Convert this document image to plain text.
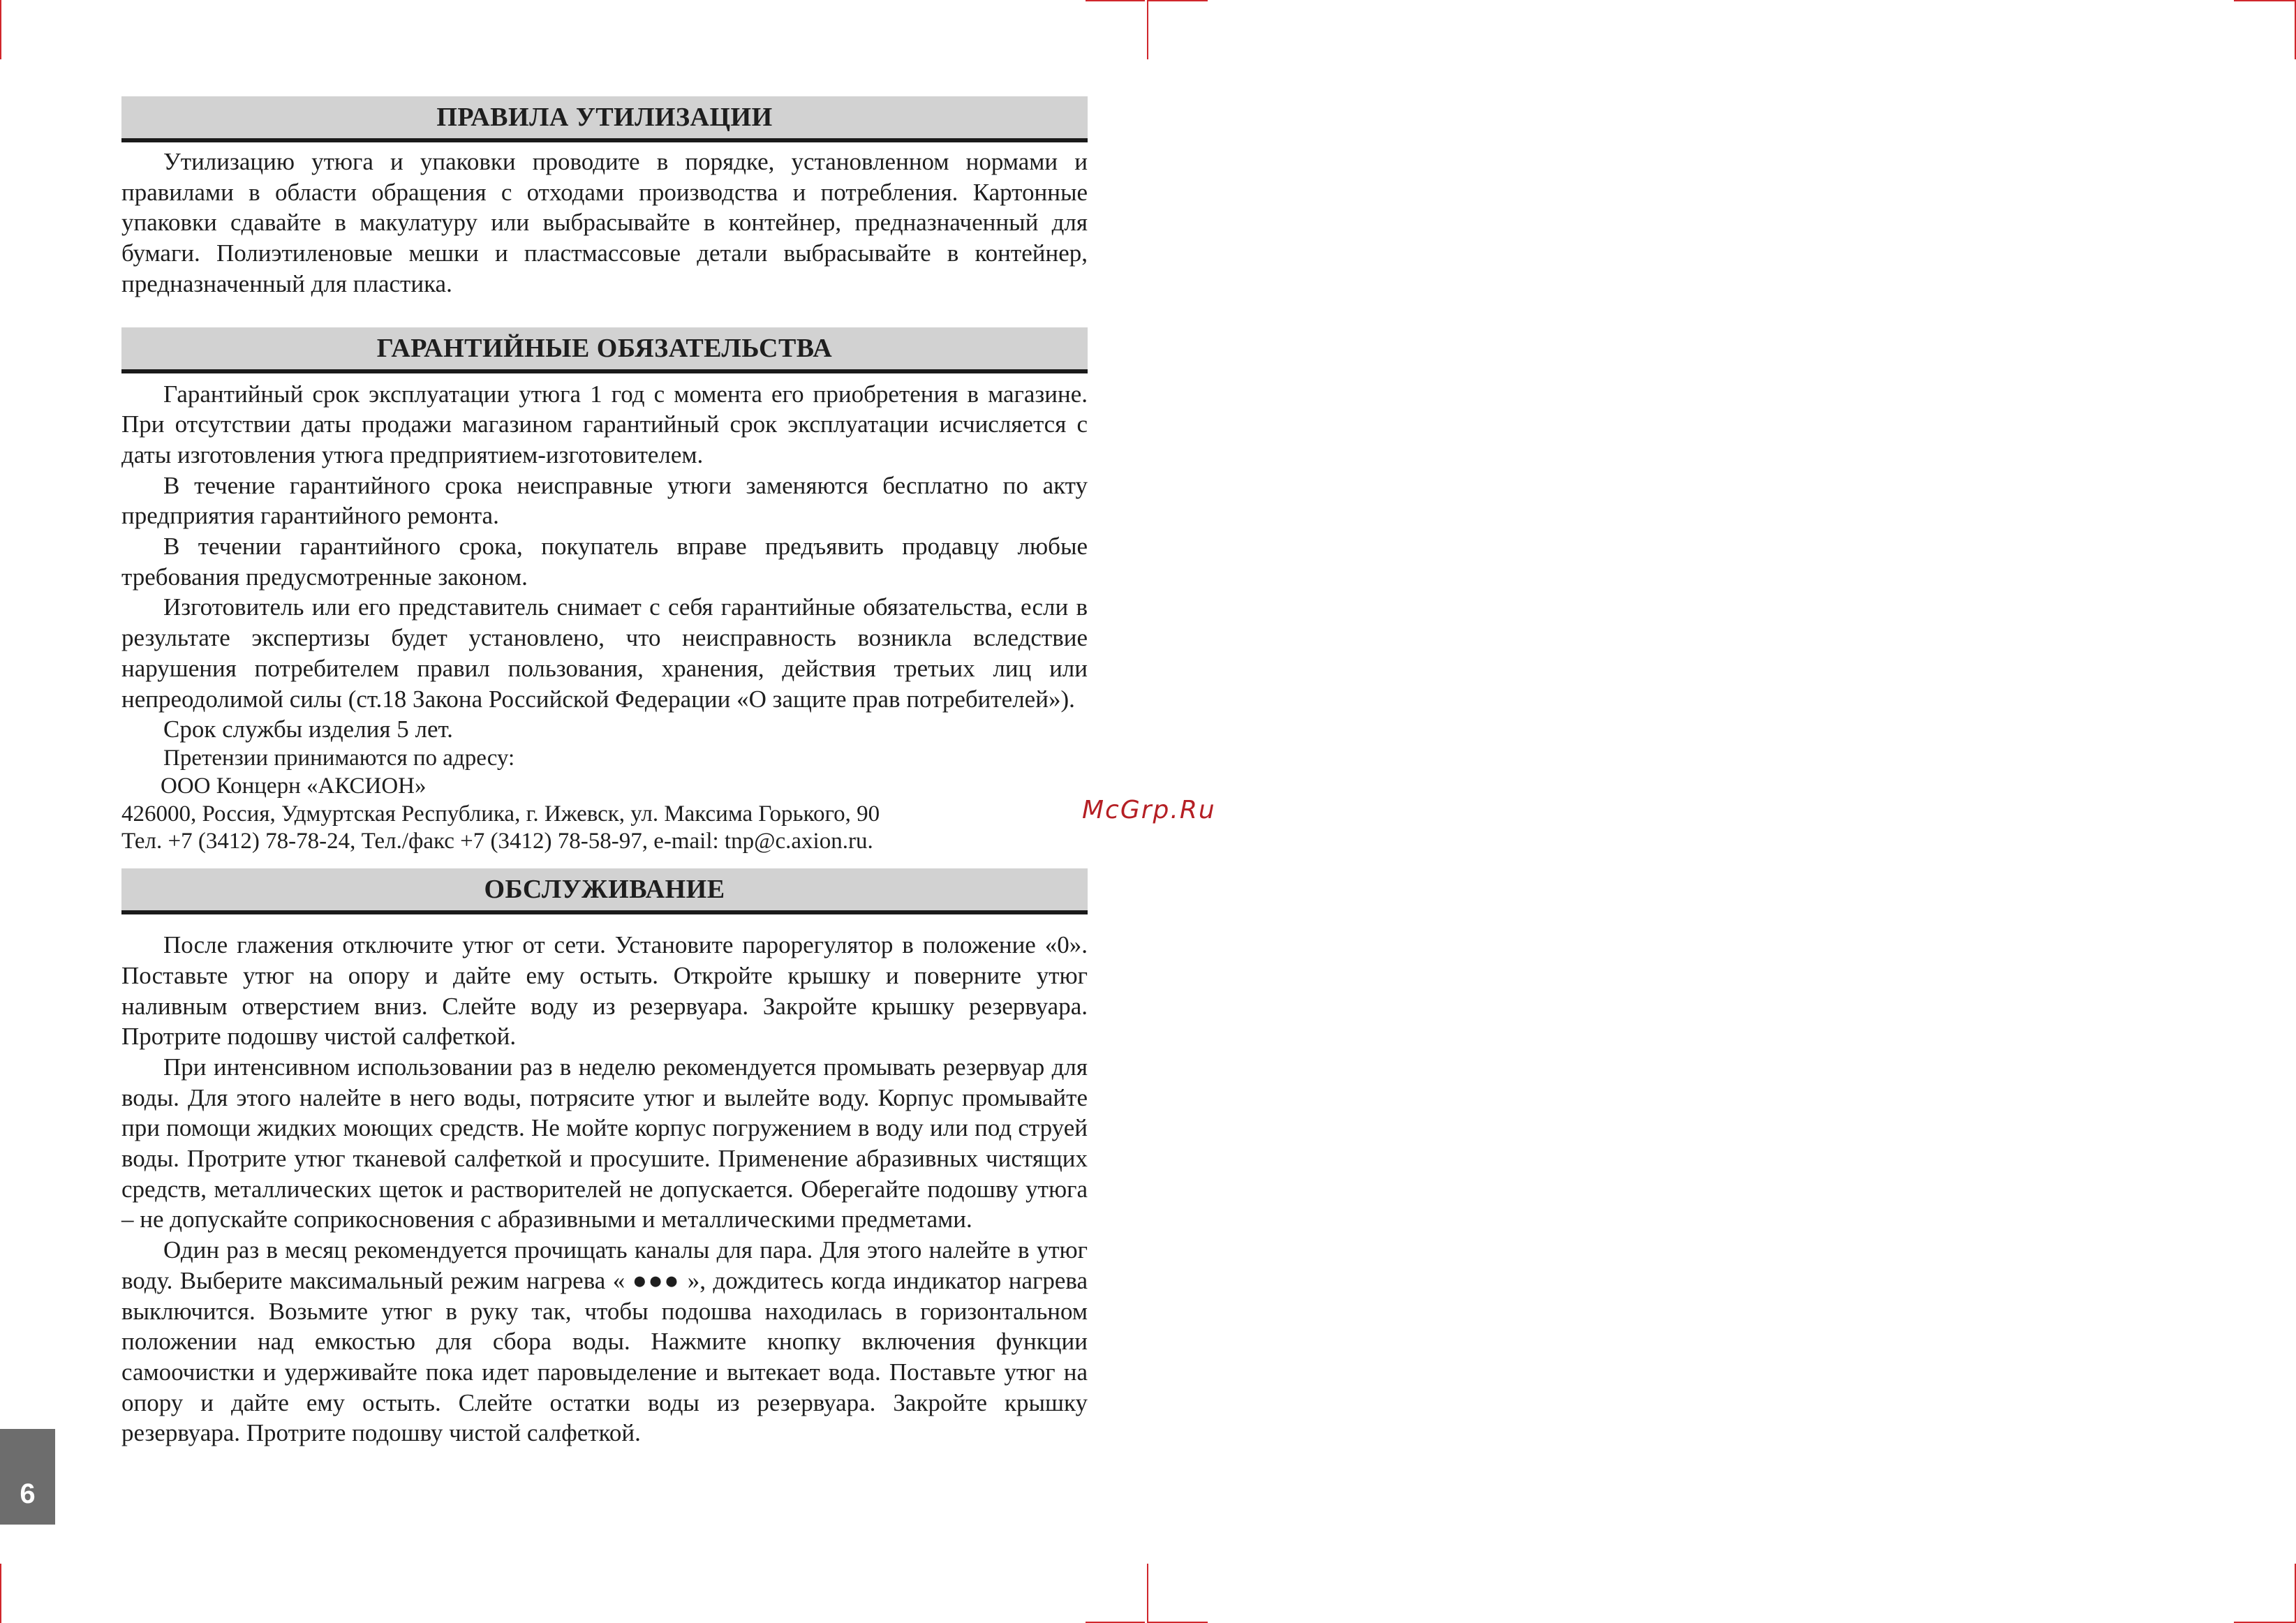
ПРАВИЛА УТИЛИЗАЦИИ

Утилизацию утюга и упаковки проводите в порядке, установленном нормами и правилами в области обращения с отходами производства и потребления. Картонные упаковки сдавайте в макулатуру или выбрасывайте в контейнер, предназначенный для бумаги. Полиэтиленовые мешки и пластмассовые детали выбрасывайте в контейнер, предназначенный для пластика.

ГАРАНТИЙНЫЕ ОБЯЗАТЕЛЬСТВА

Гарантийный срок эксплуатации утюга 1 год с момента его приобретения в магазине. При отсутствии даты продажи магазином гарантийный срок эксплуатации исчисляется с даты изготовления утюга предприятием-изготовителем.

В течение гарантийного срока неисправные утюги заменяются бесплатно по акту предприятия гарантийного ремонта.

В течении гарантийного срока, покупатель вправе предъявить продавцу любые требования предусмотренные законом.

Изготовитель или его представитель снимает с себя гарантийные обязательства, если в результате экспертизы будет установлено, что неисправность возникла вследствие нарушения потребителем правил пользования, хранения, действия третьих лиц или непреодолимой силы (ст.18 Закона Российской Федерации «О защите прав потребителей»).

Срок службы изделия 5 лет.

Претензии принимаются по адресу:

ООО Концерн «АКСИОН»

426000, Россия, Удмуртская Республика, г. Ижевск, ул. Максима Горького, 90

Тел. +7 (3412) 78-78-24, Тел./факс +7 (3412) 78-58-97, e-mail: tnp@c.axion.ru.

ОБСЛУЖИВАНИЕ

После глажения отключите утюг от сети. Установите парорегулятор в положение «0». Поставьте утюг на опору и дайте ему остыть. Откройте крышку и поверните утюг наливным отверстием вниз. Слейте воду из резервуара. Закройте крышку резервуара. Протрите подошву чистой салфеткой.

При интенсивном использовании раз в неделю рекомендуется промывать резервуар для воды. Для этого налейте в него воды, потрясите утюг и вылейте воду. Корпус промывайте при помощи жидких моющих средств. Не мойте корпус погружением в воду или под струей воды. Протрите утюг тканевой салфеткой и просушите. Применение абразивных чистящих средств, металлических щеток и растворителей не допускается. Оберегайте подошву утюга – не допускайте соприкосновения с абразивными и металлическими предметами.

Один раз в месяц рекомендуется прочищать каналы для пара. Для этого налейте в утюг воду. Выберите максимальный режим нагрева « ●●● », дождитесь когда индикатор нагрева выключится. Возьмите утюг в руку так, чтобы подошва находилась в горизонтальном положении над емкостью для сбора воды. Нажмите кнопку включения функции самоочистки и удерживайте пока идет паровыделение и вытекает вода. Поставьте утюг на опору и дайте ему остыть. Слейте остатки воды из резервуара. Закройте крышку резервуара. Протрите подошву чистой салфеткой.

McGrp.Ru
6
